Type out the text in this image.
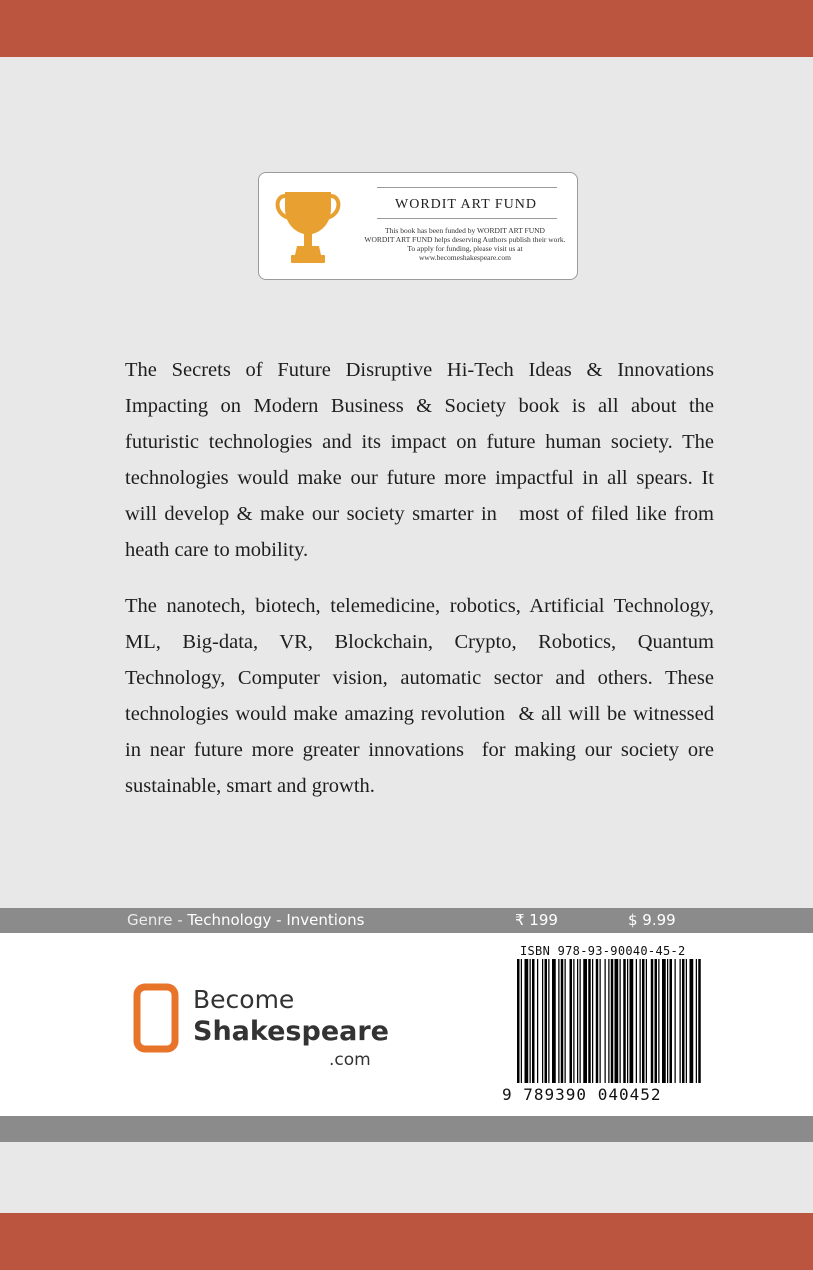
WORDIT ART FUND
This book has been funded by WORDIT ART FUND
WORDIT ART FUND helps deserving Authors publish their work.
To apply for funding, please visit us at
www.becomeshakespeare.com

The Secrets of Future Disruptive Hi-Tech Ideas & Innovations Impacting on Modern Business & Society book is all about the futuristic technologies and its impact on future human society. The technologies would make our future more impactful in all spears. It will develop & make our society smarter in   most of filed like from heath care to mobility.

The nanotech, biotech, telemedicine, robotics, Artificial Technology, ML, Big-data, VR, Blockchain, Crypto, Robotics, Quantum Technology, Computer vision, automatic sector and others. These technologies would make amazing revolution  & all will be witnessed in near future more greater innovations  for making our society ore sustainable, smart and growth.

Genre - Technology - Inventions	₹ 199	$ 9.99
Become
Shakespeare
.com
ISBN 978-93-90040-45-2
9 789390 040452
